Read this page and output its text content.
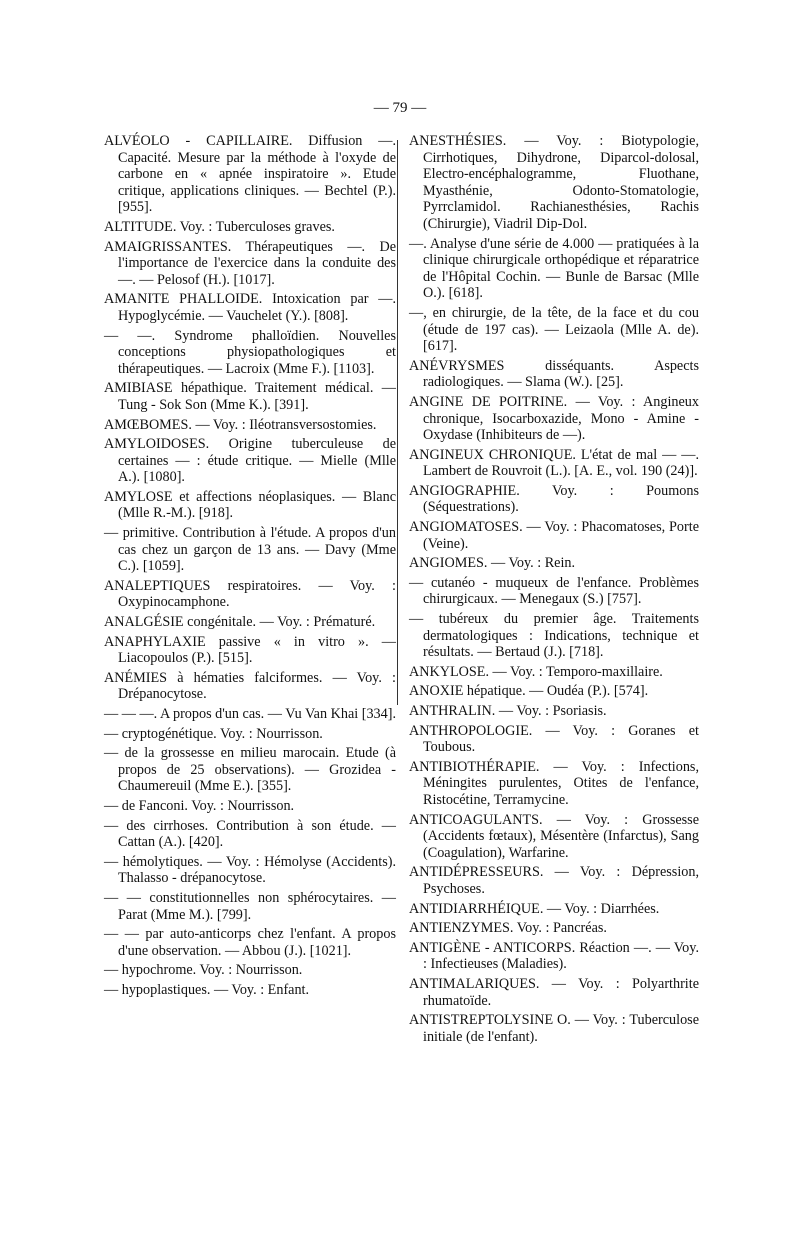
— 79 —
ALVÉOLO - CAPILLAIRE. Diffusion —. Capacité. Mesure par la méthode à l'oxyde de carbone en « apnée inspiratoire ». Etude critique, applications cliniques. — Bechtel (P.). [955].
ALTITUDE. Voy. : Tuberculoses graves.
AMAIGRISSANTES. Thérapeutiques —. De l'importance de l'exercice dans la conduite des —. — Pelosof (H.). [1017].
AMANITE PHALLOIDE. Intoxication par —. Hypoglycémie. — Vauchelet (Y.). [808].
— —. Syndrome phalloïdien. Nouvelles conceptions physiopathologiques et thérapeutiques. — Lacroix (Mme F.). [1103].
AMIBIASE hépathique. Traitement médical. — Tung - Sok Son (Mme K.). [391].
AMŒBOMES. — Voy. : Iléotransversostomies.
AMYLOIDOSES. Origine tuberculeuse de certaines — : étude critique. — Mielle (Mlle A.). [1080].
AMYLOSE et affections néoplasiques. — Blanc (Mlle R.-M.). [918].
— primitive. Contribution à l'étude. A propos d'un cas chez un garçon de 13 ans. — Davy (Mme C.). [1059].
ANALEPTIQUES respiratoires. — Voy. : Oxypinocamphone.
ANALGÉSIE congénitale. — Voy. : Prématuré.
ANAPHYLAXIE passive « in vitro ». —Liacopoulos (P.). [515].
ANÉMIES à hématies falciformes. — Voy. : Drépanocytose.
— — —. A propos d'un cas. — Vu Van Khai [334].
— cryptogénétique. Voy. : Nourrisson.
— de la grossesse en milieu marocain. Etude (à propos de 25 observations). — Grozidea - Chaumereuil (Mme E.). [355].
— de Fanconi. Voy. : Nourrisson.
— des cirrhoses. Contribution à son étude. — Cattan (A.). [420].
— hémolytiques. — Voy. : Hémolyse (Accidents). Thalasso - drépanocytose.
— — constitutionnelles non sphérocytaires. — Parat (Mme M.). [799].
— — par auto-anticorps chez l'enfant. A propos d'une observation. — Abbou (J.). [1021].
— hypochrome. Voy. : Nourrisson.
— hypoplastiques. — Voy. : Enfant.
ANESTHÉSIES. — Voy. : Biotypologie, Cirrhotiques, Dihydrone, Diparcol-dolosal, Electro-encéphalogramme, Fluothane, Myasthénie, Odonto-Stomatologie, Pyrrclamidol. Rachianesthésies, Rachis (Chirurgie), Viadril Dip-Dol.
—. Analyse d'une série de 4.000 — pratiquées à la clinique chirurgicale orthopédique et réparatrice de l'Hôpital Cochin. — Bunle de Barsac (Mlle O.). [618].
—, en chirurgie, de la tête, de la face et du cou (étude de 197 cas). — Leizaola (Mlle A. de). [617].
ANÉVRYSMES disséquants. Aspects radiologiques. — Slama (W.). [25].
ANGINE DE POITRINE. — Voy. : Angineux chronique, Isocarboxazide, Mono - Amine - Oxydase (Inhibiteurs de —).
ANGINEUX CHRONIQUE. L'état de mal — —. Lambert de Rouvroit (L.). [A. E., vol. 190 (24)].
ANGIOGRAPHIE. Voy. : Poumons (Séquestrations).
ANGIOMATOSES. — Voy. : Phacomatoses, Porte (Veine).
ANGIOMES. — Voy. : Rein.
— cutanéo - muqueux de l'enfance. Problèmes chirurgicaux. — Menegaux (S.) [757].
— tubéreux du premier âge. Traitements dermatologiques : Indications, technique et résultats. — Bertaud (J.). [718].
ANKYLOSE. — Voy. : Temporo-maxillaire.
ANOXIE hépatique. — Oudéa (P.). [574].
ANTHRALIN. — Voy. : Psoriasis.
ANTHROPOLOGIE. — Voy. : Goranes et Toubous.
ANTIBIOTHÉRAPIE. — Voy. : Infections, Méningites purulentes, Otites de l'enfance, Ristocétine, Terramycine.
ANTICOAGULANTS. — Voy. : Grossesse (Accidents fœtaux), Mésentère (Infarctus), Sang (Coagulation), Warfarine.
ANTIDÉPRESSEURS. — Voy. : Dépression, Psychoses.
ANTIDIARRHÉIQUE. — Voy. : Diarrhées.
ANTIENZYMES. Voy. : Pancréas.
ANTIGÈNE - ANTICORPS. Réaction —. — Voy. : Infectieuses (Maladies).
ANTIMALARIQUES. — Voy. : Polyarthrite rhumatoïde.
ANTISTREPTOLYSINE O. — Voy. : Tuberculose initiale (de l'enfant).
